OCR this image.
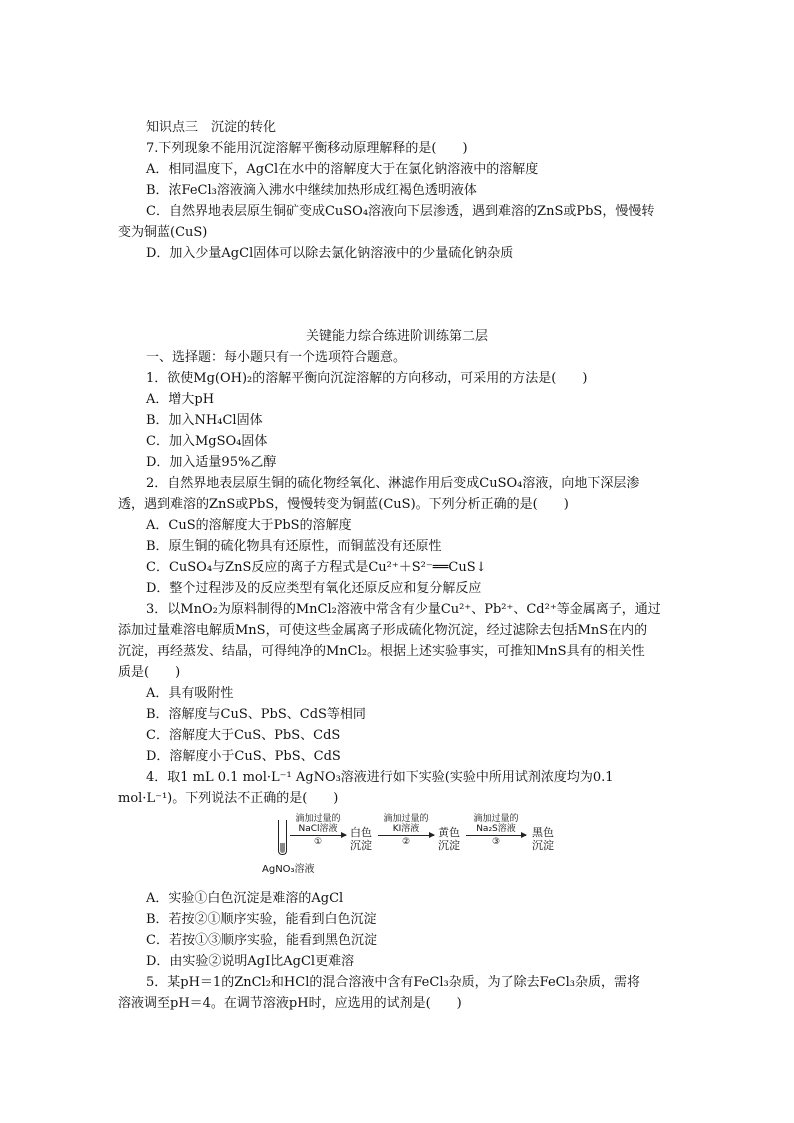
知识点三　沉淀的转化
7.下列现象不能用沉淀溶解平衡移动原理解释的是(　　)
A．相同温度下，AgCl在水中的溶解度大于在氯化钠溶液中的溶解度
B．浓FeCl₃溶液滴入沸水中继续加热形成红褐色透明液体
C．自然界地表层原生铜矿变成CuSO₄溶液向下层渗透，遇到难溶的ZnS或PbS，慢慢转
变为铜蓝(CuS)
D．加入少量AgCl固体可以除去氯化钠溶液中的少量硫化钠杂质
关键能力综合练进阶训练第二层
一、选择题：每小题只有一个选项符合题意。
1．欲使Mg(OH)₂的溶解平衡向沉淀溶解的方向移动，可采用的方法是(　　)
A．增大pH
B．加入NH₄Cl固体
C．加入MgSO₄固体
D．加入适量95%乙醇
2．自然界地表层原生铜的硫化物经氧化、淋滤作用后变成CuSO₄溶液，向地下深层渗
透，遇到难溶的ZnS或PbS，慢慢转变为铜蓝(CuS)。下列分析正确的是(　　)
A．CuS的溶解度大于PbS的溶解度
B．原生铜的硫化物具有还原性，而铜蓝没有还原性
C．CuSO₄与ZnS反应的离子方程式是Cu²⁺＋S²⁻══CuS↓
D．整个过程涉及的反应类型有氧化还原反应和复分解反应
3．以MnO₂为原料制得的MnCl₂溶液中常含有少量Cu²⁺、Pb²⁺、Cd²⁺等金属离子，通过
添加过量难溶电解质MnS，可使这些金属离子形成硫化物沉淀，经过滤除去包括MnS在内的
沉淀，再经蒸发、结晶，可得纯净的MnCl₂。根据上述实验事实，可推知MnS具有的相关性
质是(　　)
A．具有吸附性
B．溶解度与CuS、PbS、CdS等相同
C．溶解度大于CuS、PbS、CdS
D．溶解度小于CuS、PbS、CdS
4．取1 mL 0.1 mol·L⁻¹ AgNO₃溶液进行如下实验(实验中所用试剂浓度均为0.1
mol·L⁻¹)。下列说法不正确的是(　　)
AgNO₃溶液
滴加过量的
NaCl溶液
①
白色
沉淀
滴加过量的
KI溶液
②
黄色
沉淀
滴加过量的
Na₂S溶液
③
黑色
沉淀
A．实验①白色沉淀是难溶的AgCl
B．若按②①顺序实验，能看到白色沉淀
C．若按①③顺序实验，能看到黑色沉淀
D．由实验②说明AgI比AgCl更难溶
5．某pH＝1的ZnCl₂和HCl的混合溶液中含有FeCl₃杂质，为了除去FeCl₃杂质，需将
溶液调至pH＝4。在调节溶液pH时，应选用的试剂是(　　)
